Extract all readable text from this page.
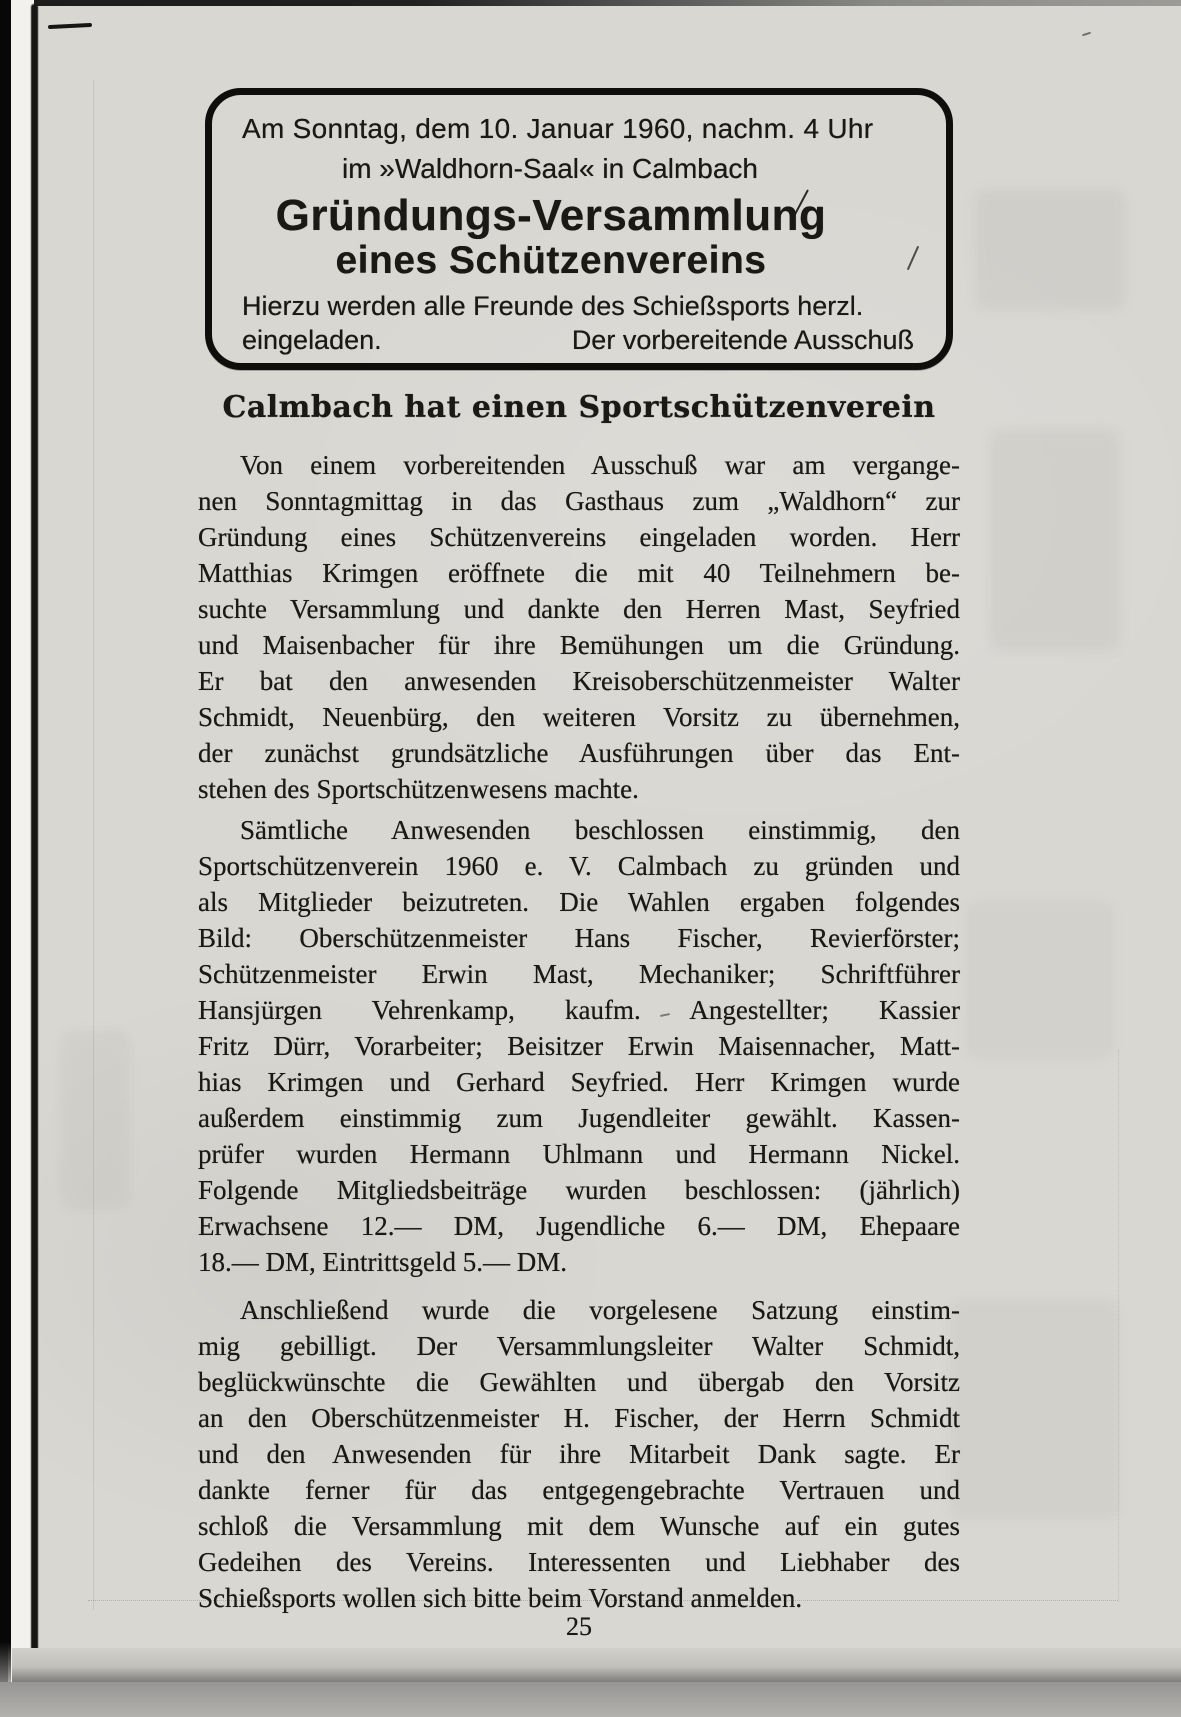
Am Sonntag, dem 10. Januar 1960, nachm. 4 Uhr
im »Waldhorn-Saal« in Calmbach
Gründungs-Versammlung
eines Schützenvereins
Hierzu werden alle Freunde des Schießsports herzl.
eingeladen.	Der vorbereitende Ausschuß
Calmbach hat einen Sportschützenverein
Von einem vorbereitenden Ausschuß war am vergange-
nen Sonntagmittag in das Gasthaus zum „Waldhorn“ zur
Gründung eines Schützenvereins eingeladen worden. Herr
Matthias Krimgen eröffnete die mit 40 Teilnehmern be-
suchte Versammlung und dankte den Herren Mast, Seyfried
und Maisenbacher für ihre Bemühungen um die Gründung.
Er bat den anwesenden Kreisoberschützenmeister Walter
Schmidt, Neuenbürg, den weiteren Vorsitz zu übernehmen,
der zunächst grundsätzliche Ausführungen über das Ent-
stehen des Sportschützenwesens machte.
Sämtliche Anwesenden beschlossen einstimmig, den
Sportschützenverein 1960 e. V. Calmbach zu gründen und
als Mitglieder beizutreten. Die Wahlen ergaben folgendes
Bild: Oberschützenmeister Hans Fischer, Revierförster;
Schützenmeister Erwin Mast, Mechaniker; Schriftführer
Hansjürgen Vehrenkamp, kaufm. Angestellter; Kassier
Fritz Dürr, Vorarbeiter; Beisitzer Erwin Maisennacher, Matt-
hias Krimgen und Gerhard Seyfried. Herr Krimgen wurde
außerdem einstimmig zum Jugendleiter gewählt. Kassen-
prüfer wurden Hermann Uhlmann und Hermann Nickel.
Folgende Mitgliedsbeiträge wurden beschlossen: (jährlich)
Erwachsene 12.— DM, Jugendliche 6.— DM, Ehepaare
18.— DM, Eintrittsgeld 5.— DM.
Anschließend wurde die vorgelesene Satzung einstim-
mig gebilligt. Der Versammlungsleiter Walter Schmidt,
beglückwünschte die Gewählten und übergab den Vorsitz
an den Oberschützenmeister H. Fischer, der Herrn Schmidt
und den Anwesenden für ihre Mitarbeit Dank sagte. Er
dankte ferner für das entgegengebrachte Vertrauen und
schloß die Versammlung mit dem Wunsche auf ein gutes
Gedeihen des Vereins. Interessenten und Liebhaber des
Schießsports wollen sich bitte beim Vorstand anmelden.
25
